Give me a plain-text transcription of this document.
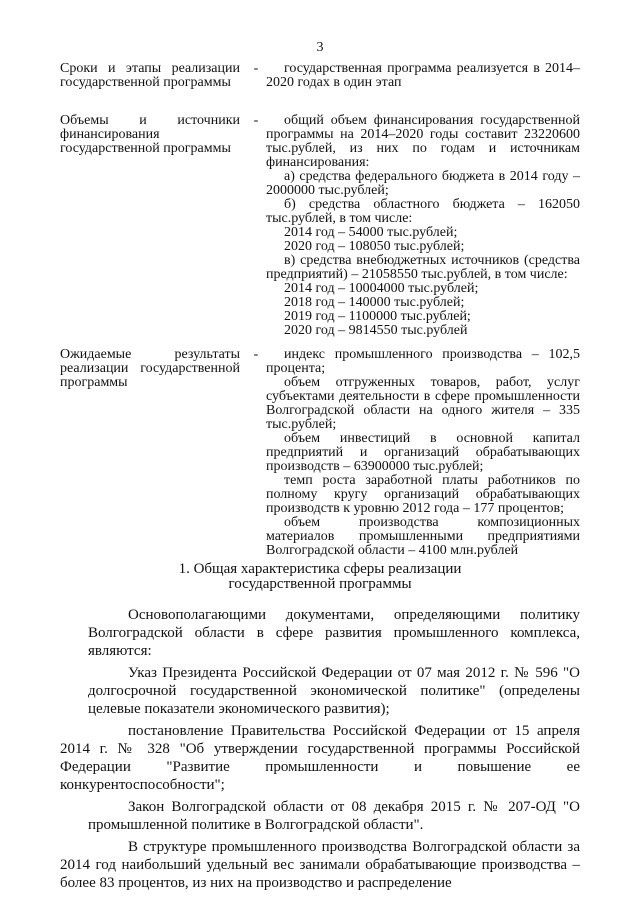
3
Сроки и этапы реализации государственной программы
-	государственная программа реализуется в 2014–2020 годах в один этап

Объемы и источники финансирования государственной программы
-	общий объем финансирования государственной программы на 2014–2020 годы составит 23220600 тыс.рублей, из них по годам и источникам финансирования:

а) средства федерального бюджета в 2014 году – 2000000 тыс.рублей;

б) средства областного бюджета – 162050 тыс.рублей, в том числе:

2014 год – 54000 тыс.рублей;

2020 год – 108050 тыс.рублей;

в) средства внебюджетных источников (средства предприятий) – 21058550 тыс.рублей, в том числе:

2014 год – 10004000 тыс.рублей;

2018 год – 140000 тыс.рублей;

2019 год – 1100000 тыс.рублей;

2020 год – 9814550 тыс.рублей

Ожидаемые результаты реализации государственной программы
-	индекс промышленного производства – 102,5 процента;

объем отгруженных товаров, работ, услуг субъектами деятельности в сфере промышленности Волгоградской области на одного жителя – 335 тыс.рублей;

объем инвестиций в основной капитал предприятий и организаций обрабатывающих производств – 63900000 тыс.рублей;

темп роста заработной платы работников по полному кругу организаций обрабатывающих производств к уровню 2012 года – 177 процентов;

объем производства композиционных материалов промышленными предприятиями Волгоградской области – 4100 млн.рублей

1. Общая характеристика сферы реализации
государственной программы

Основополагающими документами, определяющими политику Волгоградской области в сфере развития промышленного комплекса, являются:

Указ Президента Российской Федерации от 07 мая 2012 г. № 596 "О долгосрочной государственной экономической политике" (определены целевые показатели экономического развития);

постановление Правительства Российской Федерации от 15 апреля 2014 г. № 328 "Об утверждении государственной программы Российской Федерации "Развитие промышленности и повышение ее конкурентоспособности";

Закон Волгоградской области от 08 декабря 2015 г. № 207-ОД "О промышленной политике в Волгоградской области".

В структуре промышленного производства Волгоградской области за 2014 год наибольший удельный вес занимали обрабатывающие производства – более 83 процентов, из них на производство и распределение
